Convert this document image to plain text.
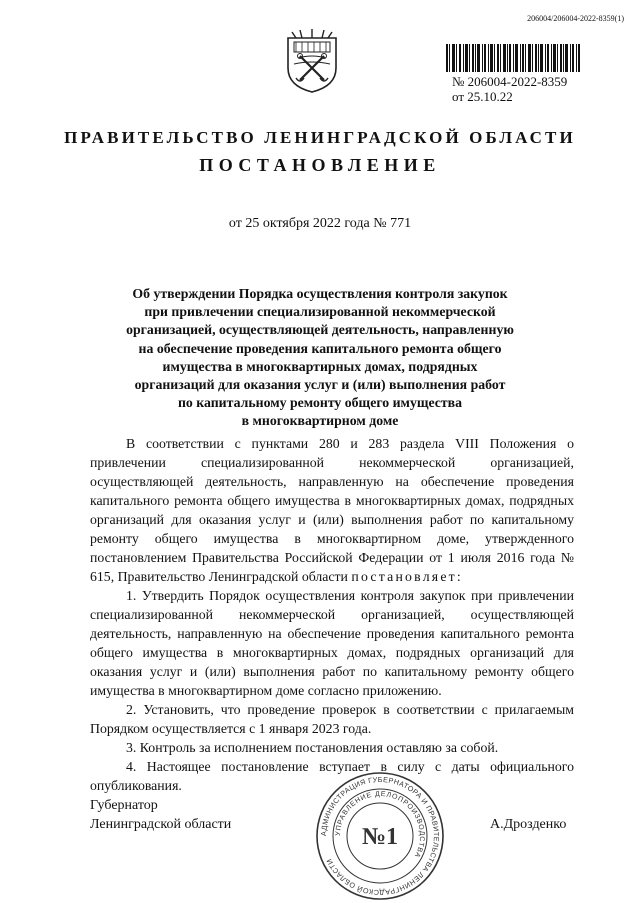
206004/206004-2022-8359(1)
№ 206004-2022-8359
от 25.10.22
ПРАВИТЕЛЬСТВО ЛЕНИНГРАДСКОЙ ОБЛАСТИ
ПОСТАНОВЛЕНИЕ
от 25 октября 2022 года № 771
Об утверждении Порядка осуществления контроля закупок
при привлечении специализированной некоммерческой
организацией, осуществляющей деятельность, направленную
на обеспечение проведения капитального ремонта общего
имущества в многоквартирных домах, подрядных
организаций для оказания услуг и (или) выполнения работ
по капитальному ремонту общего имущества
в многоквартирном доме

В соответствии с пунктами 280 и 283 раздела VIII Положения о привлечении специализированной некоммерческой организацией, осуществляющей деятельность, направленную на обеспечение проведения капитального ремонта общего имущества в многоквартирных домах, подрядных организаций для оказания услуг и (или) выполнения работ по капитальному ремонту общего имущества в многоквартирном доме, утвержденного постановлением Правительства Российской Федерации от 1 июля 2016 года № 615, Правительство Ленинградской области постановляет:

1. Утвердить Порядок осуществления контроля закупок при привлечении специализированной некоммерческой организацией, осуществляющей деятельность, направленную на обеспечение проведения капитального ремонта общего имущества в многоквартирных домах, подрядных организаций для оказания услуг и (или) выполнения работ по капитальному ремонту общего имущества в многоквартирном доме согласно приложению.

2. Установить, что проведение проверок в соответствии с прилагаемым Порядком осуществляется с 1 января 2023 года.

3. Контроль за исполнением постановления оставляю за собой.

4. Настоящее постановление вступает в силу с даты официального опубликования.

Губернатор
Ленинградской области
АДМИНИСТРАЦИЯ ГУБЕРНАТОРА И ПРАВИТЕЛЬСТВА ЛЕНИНГРАДСКОЙ ОБЛАСТИ
УПРАВЛЕНИЕ ДЕЛОПРОИЗВОДСТВА
№1	А.Дрозденко
